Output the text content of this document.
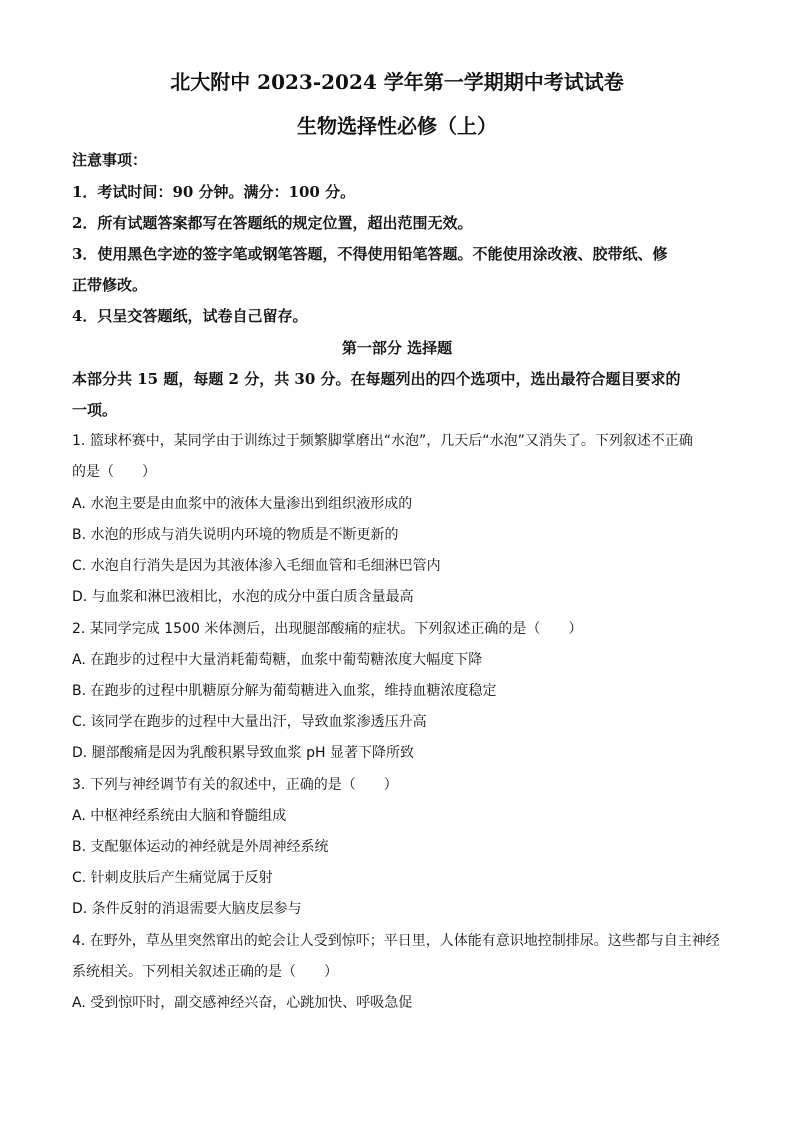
北大附中 2023-2024 学年第一学期期中考试试卷
生物选择性必修（上）
注意事项：
1．考试时间：90 分钟。满分：100 分。
2．所有试题答案都写在答题纸的规定位置，超出范围无效。
3．使用黑色字迹的签字笔或钢笔答题，不得使用铅笔答题。不能使用涂改液、胶带纸、修
正带修改。
4．只呈交答题纸，试卷自己留存。
第一部分 选择题
本部分共 15 题，每题 2 分，共 30 分。在每题列出的四个选项中，选出最符合题目要求的
一项。
1. 篮球杯赛中，某同学由于训练过于频繁脚掌磨出“水泡”，几天后“水泡”又消失了。下列叙述不正确
的是（　　）
A. 水泡主要是由血浆中的液体大量渗出到组织液形成的
B. 水泡的形成与消失说明内环境的物质是不断更新的
C. 水泡自行消失是因为其液体渗入毛细血管和毛细淋巴管内
D. 与血浆和淋巴液相比，水泡的成分中蛋白质含量最高
2. 某同学完成 1500 米体测后，出现腿部酸痛的症状。下列叙述正确的是（　　）
A. 在跑步的过程中大量消耗葡萄糖，血浆中葡萄糖浓度大幅度下降
B. 在跑步的过程中肌糖原分解为葡萄糖进入血浆，维持血糖浓度稳定
C. 该同学在跑步的过程中大量出汗，导致血浆渗透压升高
D. 腿部酸痛是因为乳酸积累导致血浆 pH 显著下降所致
3. 下列与神经调节有关的叙述中，正确的是（　　）
A. 中枢神经系统由大脑和脊髓组成
B. 支配躯体运动的神经就是外周神经系统
C. 针刺皮肤后产生痛觉属于反射
D. 条件反射的消退需要大脑皮层参与
4. 在野外，草丛里突然窜出的蛇会让人受到惊吓；平日里，人体能有意识地控制排尿。这些都与自主神经
系统相关。下列相关叙述正确的是（　　）
A. 受到惊吓时，副交感神经兴奋，心跳加快、呼吸急促
